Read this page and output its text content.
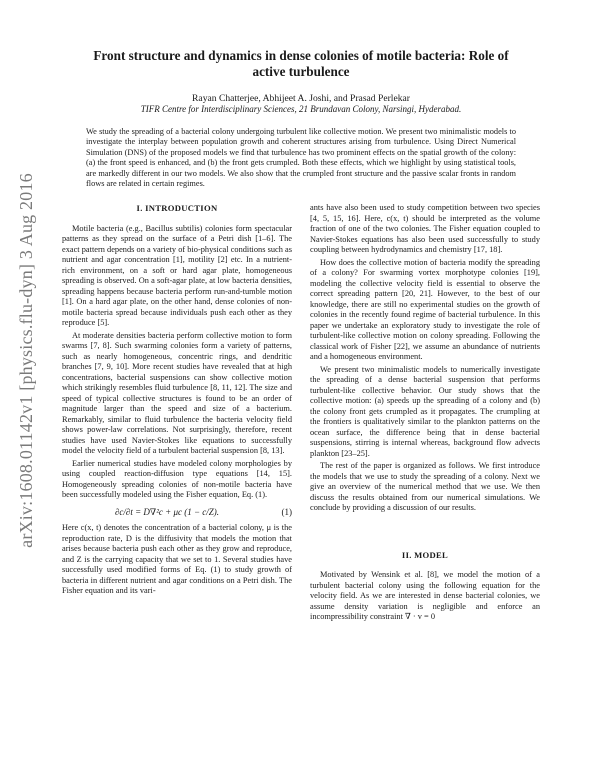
arXiv:1608.01142v1 [physics.flu-dyn] 3 Aug 2016
Front structure and dynamics in dense colonies of motile bacteria: Role of active turbulence
Rayan Chatterjee, Abhijeet A. Joshi, and Prasad Perlekar
TIFR Centre for Interdisciplinary Sciences, 21 Brundavan Colony, Narsingi, Hyderabad.
We study the spreading of a bacterial colony undergoing turbulent like collective motion. We present two minimalistic models to investigate the interplay between population growth and coherent structures arising from turbulence. Using Direct Numerical Simulation (DNS) of the proposed models we find that turbulence has two prominent effects on the spatial growth of the colony: (a) the front speed is enhanced, and (b) the front gets crumpled. Both these effects, which we highlight by using statistical tools, are markedly different in our two models. We also show that the crumpled front structure and the passive scalar fronts in random flows are related in certain regimes.
I. INTRODUCTION

Motile bacteria (e.g., Bacillus subtilis) colonies form spectacular patterns as they spread on the surface of a Petri dish [1–6]. The exact pattern depends on a variety of bio-physical conditions such as nutrient and agar concentration [1], motility [2] etc. In a nutrient-rich environment, on a soft or hard agar plate, homogeneous spreading is observed. On a soft-agar plate, at low bacteria densities, spreading happens because bacteria perform run-and-tumble motion [1]. On a hard agar plate, on the other hand, dense colonies of non-motile bacteria spread because individuals push each other as they reproduce [5].

At moderate densities bacteria perform collective motion to form swarms [7, 8]. Such swarming colonies form a variety of patterns, such as nearly homogeneous, concentric rings, and dendritic branches [7, 9, 10]. More recent studies have revealed that at high concentrations, bacterial suspensions can show collective motion which strikingly resembles fluid turbulence [8, 11, 12]. The size and speed of typical collective structures is found to be an order of magnitude larger than the speed and size of a bacterium. Remarkably, similar to fluid turbulence the bacteria velocity field shows power-law correlations. Not surprisingly, therefore, recent studies have used Navier-Stokes like equations to successfully model the velocity field of a turbulent bacterial suspension [8, 13].

Earlier numerical studies have modeled colony morphologies by using coupled reaction-diffusion type equations [14, 15]. Homogeneously spreading colonies of non-motile bacteria have been successfully modeled using the Fisher equation, Eq. (1).

∂c/∂t = D∇²c + μc (1 − c/Z).	(1)

Here c(x, t) denotes the concentration of a bacterial colony, μ is the reproduction rate, D is the diffusivity that models the motion that arises because bacteria push each other as they grow and reproduce, and Z is the carrying capacity that we set to 1. Several studies have successfully used modified forms of Eq. (1) to study growth of bacteria in different nutrient and agar conditions on a Petri dish. The Fisher equation and its vari-

ants have also been used to study competition between two species [4, 5, 15, 16]. Here, c(x, t) should be interpreted as the volume fraction of one of the two colonies. The Fisher equation coupled to Navier-Stokes equations has also been used successfully to study coupling between hydrodynamics and chemistry [17, 18].

How does the collective motion of bacteria modify the spreading of a colony? For swarming vortex morphotype colonies [19], modeling the collective velocity field is essential to observe the correct spreading pattern [20, 21]. However, to the best of our knowledge, there are still no experimental studies on the growth of colonies in the recently found regime of bacterial turbulence. In this paper we undertake an exploratory study to investigate the role of turbulent-like collective motion on colony spreading. Following the classical work of Fisher [22], we assume an abundance of nutrients and a homogeneous environment.

We present two minimalistic models to numerically investigate the spreading of a dense bacterial suspension that performs turbulent-like collective behavior. Our study shows that the collective motion: (a) speeds up the spreading of a colony and (b) the colony front gets crumpled as it propagates. The crumpling at the frontiers is qualitatively similar to the plankton patterns on the ocean surface, the difference being that in dense bacterial suspensions, stirring is internal whereas, background flow advects plankton [23–25].

The rest of the paper is organized as follows. We first introduce the models that we use to study the spreading of a colony. Next we give an overview of the numerical method that we use. We then discuss the results obtained from our numerical simulations. We conclude by providing a discussion of our results.

II. MODEL

Motivated by Wensink et al. [8], we model the motion of a turbulent bacterial colony using the following equation for the velocity field. As we are interested in dense bacterial colonies, we assume density variation is negligible and enforce an incompressibility constraint ∇ · v = 0
